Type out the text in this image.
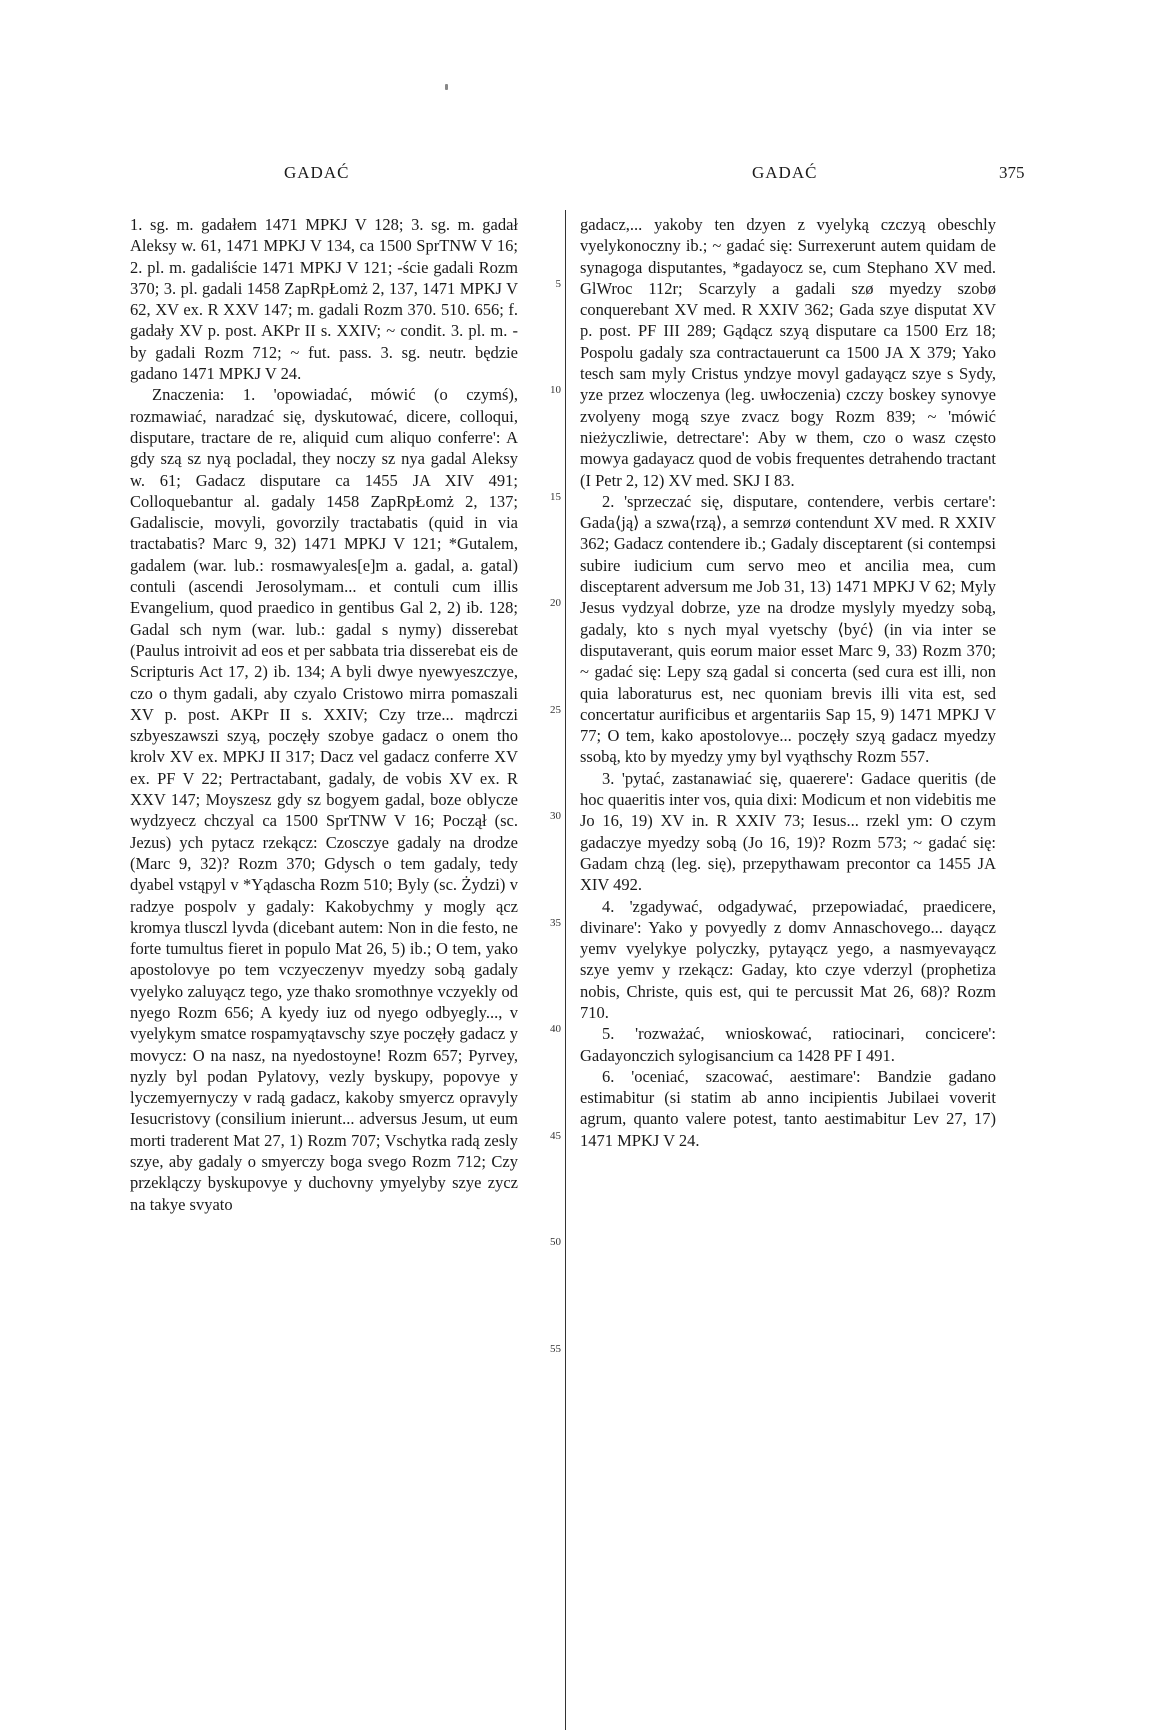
GADAĆ	GADAĆ	375

1. sg. m. gadałem 1471 MPKJ V 128; 3. sg. m. gadał Aleksy w. 61, 1471 MPKJ V 134, ca 1500 SprTNW V 16; 2. pl. m. gadaliście 1471 MPKJ V 121; -ście gadali Rozm 370; 3. pl. gadali 1458 ZapRpŁomż 2, 137, 1471 MPKJ V 62, XV ex. R XXV 147; m. gadali Rozm 370. 510. 656; f. gadały XV p. post. AKPr II s. XXIV; ~ condit. 3. pl. m. -by gadali Rozm 712; ~ fut. pass. 3. sg. neutr. będzie gadano 1471 MPKJ V 24.

Znaczenia: 1. 'opowiadać, mówić (o czymś), rozmawiać, naradzać się, dyskutować, dicere, colloqui, disputare, tractare de re, aliquid cum aliquo conferre': A gdy szą sz nyą pocladal, they noczy sz nya gadal Aleksy w. 61; Gadacz disputare ca 1455 JA XIV 491; Colloquebantur al. gadaly 1458 ZapRpŁomż 2, 137; Gadaliscie, movyli, govorzily tractabatis (quid in via tractabatis? Marc 9, 32) 1471 MPKJ V 121; *Gutalem, gadalem (war. lub.: rosmawyales[e]m a. gadal, a. gatal) contuli (ascendi Jerosolymam... et contuli cum illis Evangelium, quod praedico in gentibus Gal 2, 2) ib. 128; Gadal sch nym (war. lub.: gadal s nymy) disserebat (Paulus introivit ad eos et per sabbata tria disserebat eis de Scripturis Act 17, 2) ib. 134; A byli dwye nyewyeszczye, czo o thym gadali, aby czyalo Cristowo mirra pomaszali XV p. post. AKPr II s. XXIV; Czy trze... mądrczi szbyeszawszi szyą, poczęły szobye gadacz o onem tho krolv XV ex. MPKJ II 317; Dacz vel gadacz conferre XV ex. PF V 22; Pertractabant, gadaly, de vobis XV ex. R XXV 147; Moyszesz gdy sz bogyem gadal, boze oblycze wydzyecz chczyal ca 1500 SprTNW V 16; Począł (sc. Jezus) ych pytacz rzekącz: Czosczye gadaly na drodze (Marc 9, 32)? Rozm 370; Gdysch o tem gadaly, tedy dyabel vstąpyl v *Yądascha Rozm 510; Byly (sc. Żydzi) v radzye pospolv y gadaly: Kakobychmy y mogly ącz kromya tlusczl lyvda (dicebant autem: Non in die festo, ne forte tumultus fieret in populo Mat 26, 5) ib.; O tem, yako apostolovye po tem vczyeczenyv myedzy sobą gadaly vyelyko zaluyącz tego, yze thako sromothnye vczyekly od nyego Rozm 656; A kyedy iuz od nyego odbyegly..., v vyelykym smatce rospamyątavschy szye poczęły gadacz y movycz: O na nasz, na nyedostoyne! Rozm 657; Pyrvey, nyzly byl podan Pylatovy, vezly byskupy, popovye y lyczemyernyczy v radą gadacz, kakoby smyercz opravyly Iesucristovy (consilium inierunt... adversus Jesum, ut eum morti traderent Mat 27, 1) Rozm 707; Vschytka radą zesly szye, aby gadaly o smyerczy boga svego Rozm 712; Czy przeklączy byskupovye y duchovny ymyelyby szye zycz na takye svyato

5
10
15
20
25
30
35
40
45
50
55

gadacz,... yakoby ten dzyen z vyelyką czczyą obeschly vyelykonoczny ib.; ~ gadać się: Surrexerunt autem quidam de synagoga disputantes, *gadayocz se, cum Stephano XV med. GlWroc 112r; Scarzyly a gadali szø myedzy szobø conquerebant XV med. R XXIV 362; Gada szye disputat XV p. post. PF III 289; Gądącz szyą disputare ca 1500 Erz 18; Pospolu gadaly sza contractauerunt ca 1500 JA X 379; Yako tesch sam myly Cristus yndzye movyl gadayącz szye s Sydy, yze przez wloczenya (leg. uwłoczenia) czczy boskey synovye zvolyeny mogą szye zvacz bogy Rozm 839; ~ 'mówić nieżyczliwie, detrectare': Aby w them, czo o wasz często mowya gadayacz quod de vobis frequentes detrahendo tractant (I Petr 2, 12) XV med. SKJ I 83.

2. 'sprzeczać się, disputare, contendere, verbis certare': Gada⟨ją⟩ a szwa⟨rzą⟩, a semrzø contendunt XV med. R XXIV 362; Gadacz contendere ib.; Gadaly disceptarent (si contempsi subire iudicium cum servo meo et ancilia mea, cum disceptarent adversum me Job 31, 13) 1471 MPKJ V 62; Myly Jesus vydzyal dobrze, yze na drodze myslyly myedzy sobą, gadaly, kto s nych myal vyetschy ⟨być⟩ (in via inter se disputaverant, quis eorum maior esset Marc 9, 33) Rozm 370; ~ gadać się: Lepy szą gadal si concerta (sed cura est illi, non quia laboraturus est, nec quoniam brevis illi vita est, sed concertatur aurificibus et argentariis Sap 15, 9) 1471 MPKJ V 77; O tem, kako apostolovye... poczęły szyą gadacz myedzy ssobą, kto by myedzy ymy byl vyąthschy Rozm 557.

3. 'pytać, zastanawiać się, quaerere': Gadace queritis (de hoc quaeritis inter vos, quia dixi: Modicum et non videbitis me Jo 16, 19) XV in. R XXIV 73; Iesus... rzekl ym: O czym gadaczye myedzy sobą (Jo 16, 19)? Rozm 573; ~ gadać się: Gadam chzą (leg. się), przepythawam precontor ca 1455 JA XIV 492.

4. 'zgadywać, odgadywać, przepowiadać, praedicere, divinare': Yako y povyedly z domv Annaschovego... dayącz yemv vyelykye polyczky, pytayącz yego, a nasmyevayącz szye yemv y rzekącz: Gaday, kto czye vderzyl (prophetiza nobis, Christe, quis est, qui te percussit Mat 26, 68)? Rozm 710.

5. 'rozważać, wnioskować, ratiocinari, concicere': Gadayonczich sylogisancium ca 1428 PF I 491.

6. 'oceniać, szacować, aestimare': Bandzie gadano estimabitur (si statim ab anno incipientis Jubilaei voverit agrum, quanto valere potest, tanto aestimabitur Lev 27, 17) 1471 MPKJ V 24.
